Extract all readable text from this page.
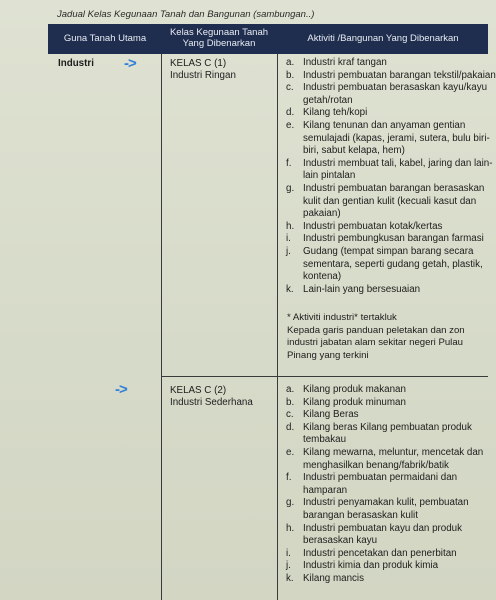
Jadual Kelas Kegunaan Tanah dan Bangunan (sambungan..)
Guna Tanah Utama	Kelas Kegunaan Tanah Yang Dibenarkan	Aktiviti /Bangunan Yang Dibenarkan
Industri ->
->
KELAS C (1)
Industri Ringan
a. Industri kraf tangan
b. Industri pembuatan barangan tekstil/pakaian
c. Industri pembuatan berasaskan kayu/kayu getah/rotan
d. Kilang teh/kopi
e. Kilang tenunan dan anyaman gentian semulajadi (kapas, jerami, sutera, bulu biri-biri, sabut kelapa, hem)
f. Industri membuat tali, kabel, jaring dan lain-lain pintalan
g. Industri pembuatan barangan berasaskan kulit dan gentian kulit (kecuali kasut dan pakaian)
h. Industri pembuatan kotak/kertas
i. Industri pembungkusan barangan farmasi
j. Gudang (tempat simpan barang secara sementara, seperti gudang getah, plastik, kontena)
k. Lain-lain yang bersesuaian
* Aktiviti industri* tertakluk
Kepada garis panduan peletakan dan zon industri jabatan alam sekitar negeri Pulau Pinang yang terkini
KELAS C (2)
Industri Sederhana
a. Kilang produk makanan
b. Kilang produk minuman
c. Kilang Beras
d. Kilang beras Kilang pembuatan produk tembakau
e. Kilang mewarna, meluntur, mencetak dan menghasilkan benang/fabrik/batik
f. Industri pembuatan permaidani dan hamparan
g. Industri penyamakan kulit, pembuatan barangan berasaskan kulit
h. Industri pembuatan kayu dan produk berasaskan kayu
i. Industri pencetakan dan penerbitan
j. Industri kimia dan produk kimia
k. Kilang mancis
